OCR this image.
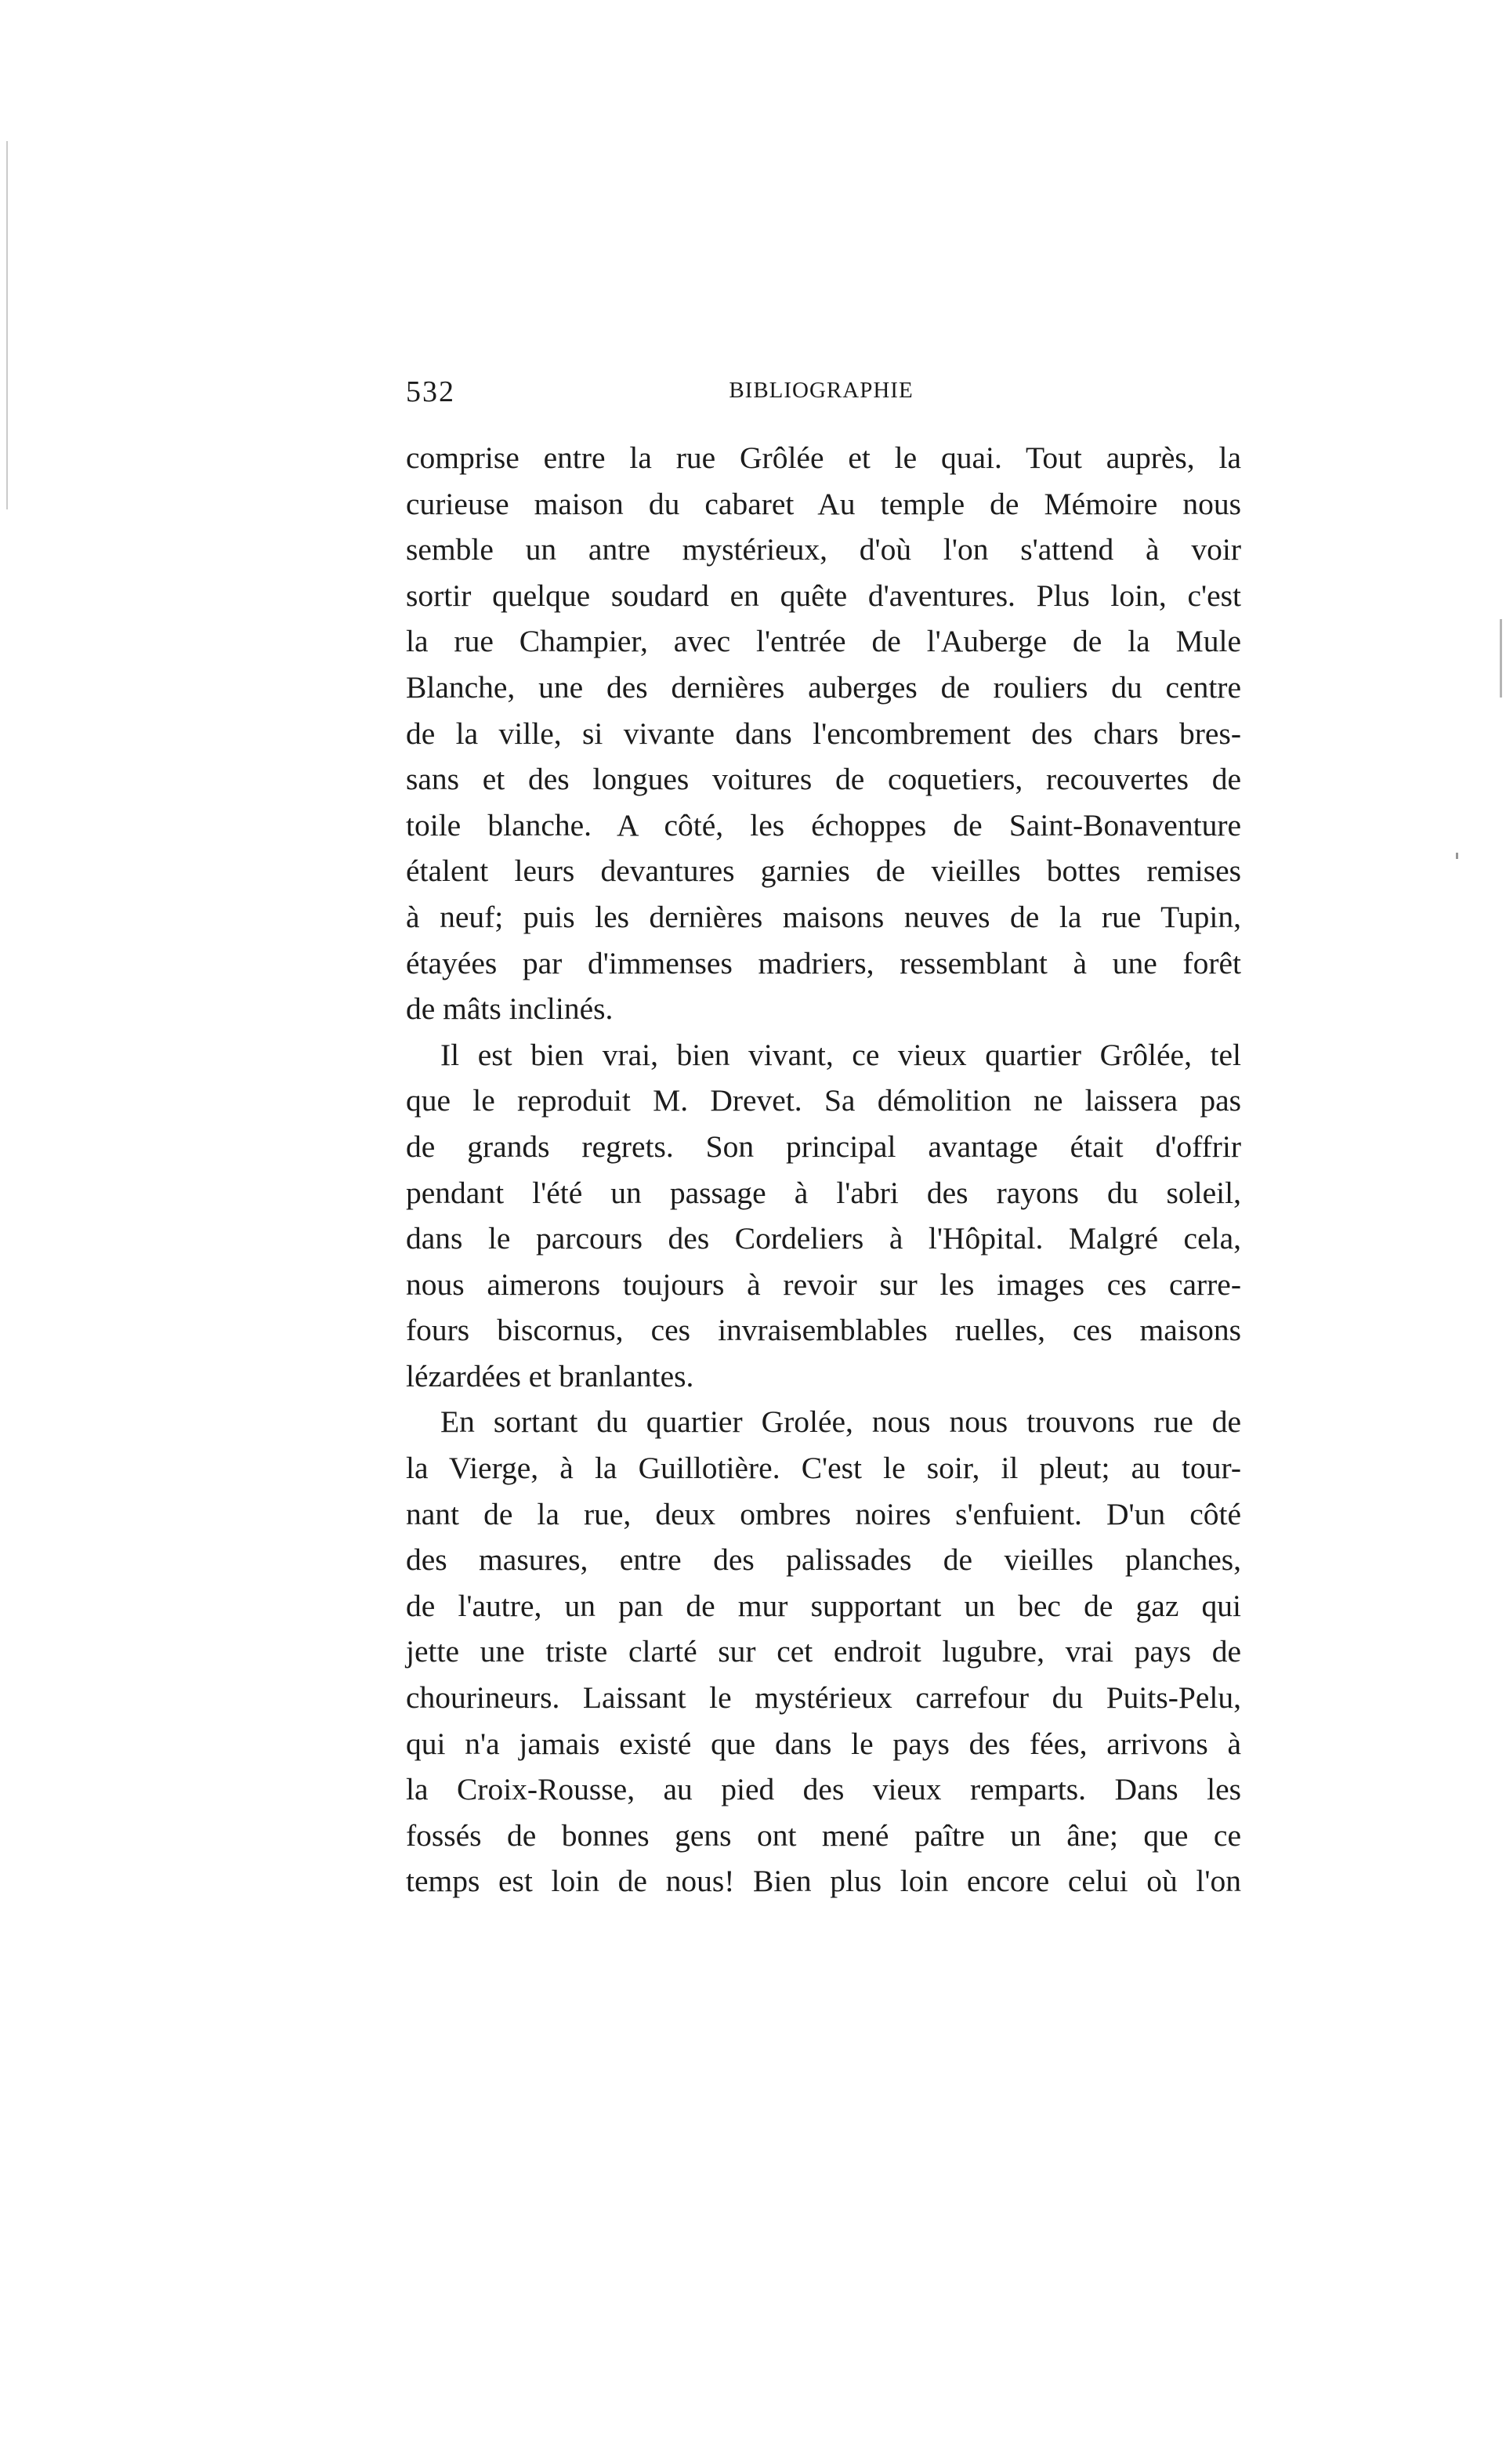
532	BIBLIOGRAPHIE
comprise entre la rue Grôlée et le quai. Tout auprès, la
curieuse maison du cabaret Au temple de Mémoire nous
semble un antre mystérieux, d'où l'on s'attend à voir
sortir quelque soudard en quête d'aventures. Plus loin, c'est
la rue Champier, avec l'entrée de l'Auberge de la Mule
Blanche, une des dernières auberges de rouliers du centre
de la ville, si vivante dans l'encombrement des chars bres-
sans et des longues voitures de coquetiers, recouvertes de
toile blanche. A côté, les échoppes de Saint-Bonaventure
étalent leurs devantures garnies de vieilles bottes remises
à neuf; puis les dernières maisons neuves de la rue Tupin,
étayées par d'immenses madriers, ressemblant à une forêt
de mâts inclinés.
Il est bien vrai, bien vivant, ce vieux quartier Grôlée, tel
que le reproduit M. Drevet. Sa démolition ne laissera pas
de grands regrets. Son principal avantage était d'offrir
pendant l'été un passage à l'abri des rayons du soleil,
dans le parcours des Cordeliers à l'Hôpital. Malgré cela,
nous aimerons toujours à revoir sur les images ces carre-
fours biscornus, ces invraisemblables ruelles, ces maisons
lézardées et branlantes.
En sortant du quartier Grolée, nous nous trouvons rue de
la Vierge, à la Guillotière. C'est le soir, il pleut; au tour-
nant de la rue, deux ombres noires s'enfuient. D'un côté
des masures, entre des palissades de vieilles planches,
de l'autre, un pan de mur supportant un bec de gaz qui
jette une triste clarté sur cet endroit lugubre, vrai pays de
chourineurs. Laissant le mystérieux carrefour du Puits-Pelu,
qui n'a jamais existé que dans le pays des fées, arrivons à
la Croix-Rousse, au pied des vieux remparts. Dans les
fossés de bonnes gens ont mené paître un âne; que ce
temps est loin de nous! Bien plus loin encore celui où l'on
